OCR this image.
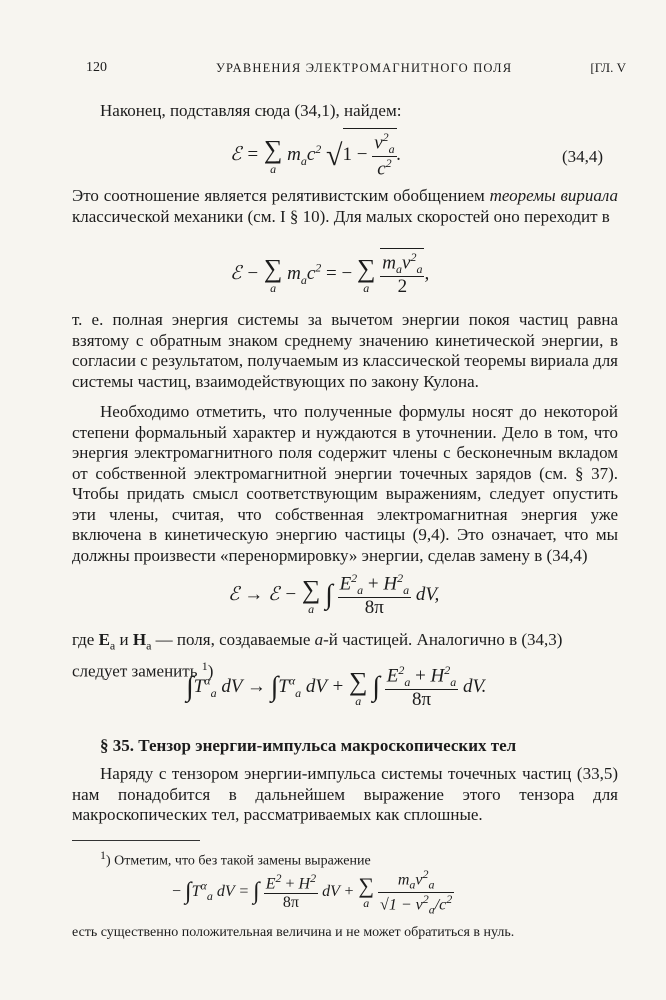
120	УРАВНЕНИЯ ЭЛЕКТРОМАГНИТНОГО ПОЛЯ	[ГЛ. V
Наконец, подставляя сюда (34,1), найдем:
ℰ = ∑
a
$m_ac^2$ $√1 - \frac{v^2_a}{c^2}$ .	(34,4)
Это соотношение является релятивистским обобщением теоремы вириала классической механики (см. I § 10). Для малых скоростей оно переходит в
ℰ − ∑
a
$m_ac^2$ = − ∑
a
$\frac{m_av^2_a}{2}$ ,
т. е. полная энергия системы за вычетом энергии покоя частиц равна взятому с обратным знаком среднему значению кинетической энергии, в согласии с результатом, получаемым из классической теоремы вириала для системы частиц, взаимодействующих по закону Кулона.
Необходимо отметить, что полученные формулы носят до некоторой степени формальный характер и нуждаются в уточнении. Дело в том, что энергия электромагнитного поля содержит члены с бесконечным вкладом от собственной электромагнитной энергии точечных зарядов (см. § 37). Чтобы придать смысл соответствующим выражениям, следует опустить эти члены, считая, что собственная электромагнитная энергия уже включена в кинетическую энергию частицы (9,4). Это означает, что мы должны произвести «перенормировку» энергии, сделав замену в (34,4)
ℰ → ℰ − ∑
a ∫ $\frac{E^2_a + H^2_a}{8\pi}$ dV,
где $E_a$ и $H_a$ — поля, создаваемые a-й частицей. Аналогично в (34,3) следует заменить $^1$)
$\int T^\alpha_a$ dV → $\int T^\alpha_a$ dV + ∑
a ∫ $\frac{E^2_a + H^2_a}{8\pi}$ dV.
§ 35. Тензор энергии-импульса макроскопических тел
Наряду с тензором энергии-импульса системы точечных частиц (33,5) нам понадобится в дальнейшем выражение этого тензора для макроскопических тел, рассматриваемых как сплошные.
$^1$) Отметим, что без такой замены выражение
− $\int T^\alpha_a$ dV = ∫ $\frac{E^2 + H^2}{8\pi}$ dV + ∑
a
$\frac{m_av^2_a}{√1 - v^2_a/c^2}$
есть существенно положительная величина и не может обратиться в нуль.
